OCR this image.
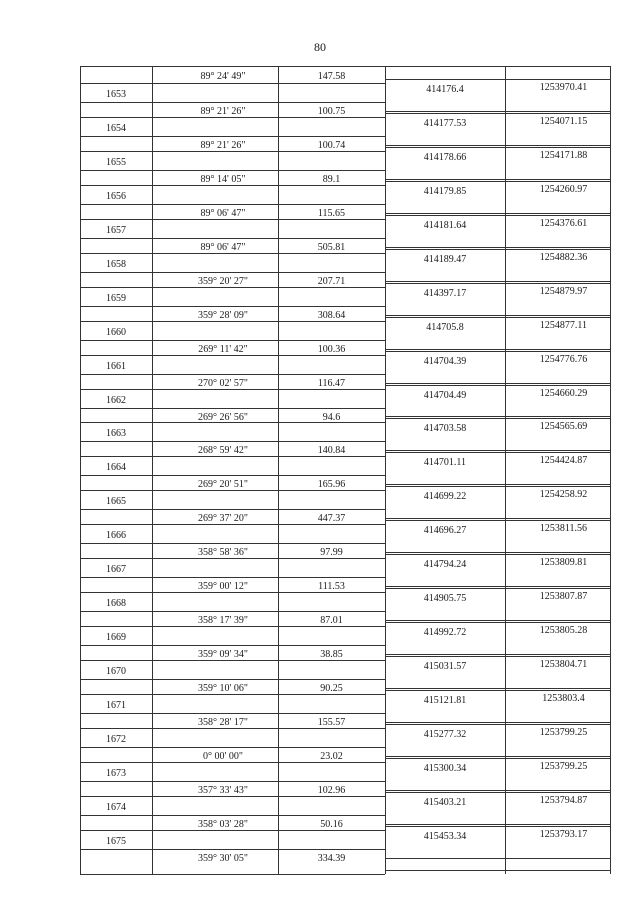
80
89° 24' 49"	147.58
1653	414176.4	1253970.41
89° 21' 26"	100.75
1654	414177.53	1254071.15
89° 21' 26"	100.74
1655	414178.66	1254171.88
89° 14' 05"	89.1
1656	414179.85	1254260.97
89° 06' 47"	115.65
1657	414181.64	1254376.61
89° 06' 47"	505.81
1658	414189.47	1254882.36
359° 20' 27"	207.71
1659	414397.17	1254879.97
359° 28' 09"	308.64
1660	414705.8	1254877.11
269° 11' 42"	100.36
1661	414704.39	1254776.76
270° 02' 57"	116.47
1662	414704.49	1254660.29
269° 26' 56"	94.6
1663	414703.58	1254565.69
268° 59' 42"	140.84
1664	414701.11	1254424.87
269° 20' 51"	165.96
1665	414699.22	1254258.92
269° 37' 20"	447.37
1666	414696.27	1253811.56
358° 58' 36"	97.99
1667	414794.24	1253809.81
359° 00' 12"	111.53
1668	414905.75	1253807.87
358° 17' 39"	87.01
1669	414992.72	1253805.28
359° 09' 34"	38.85
1670	415031.57	1253804.71
359° 10' 06"	90.25
1671	415121.81	1253803.4
358° 28' 17"	155.57
1672	415277.32	1253799.25
0° 00' 00"	23.02
1673	415300.34	1253799.25
357° 33' 43"	102.96
1674	415403.21	1253794.87
358° 03' 28"	50.16
1675	415453.34	1253793.17
359° 30' 05"	334.39
